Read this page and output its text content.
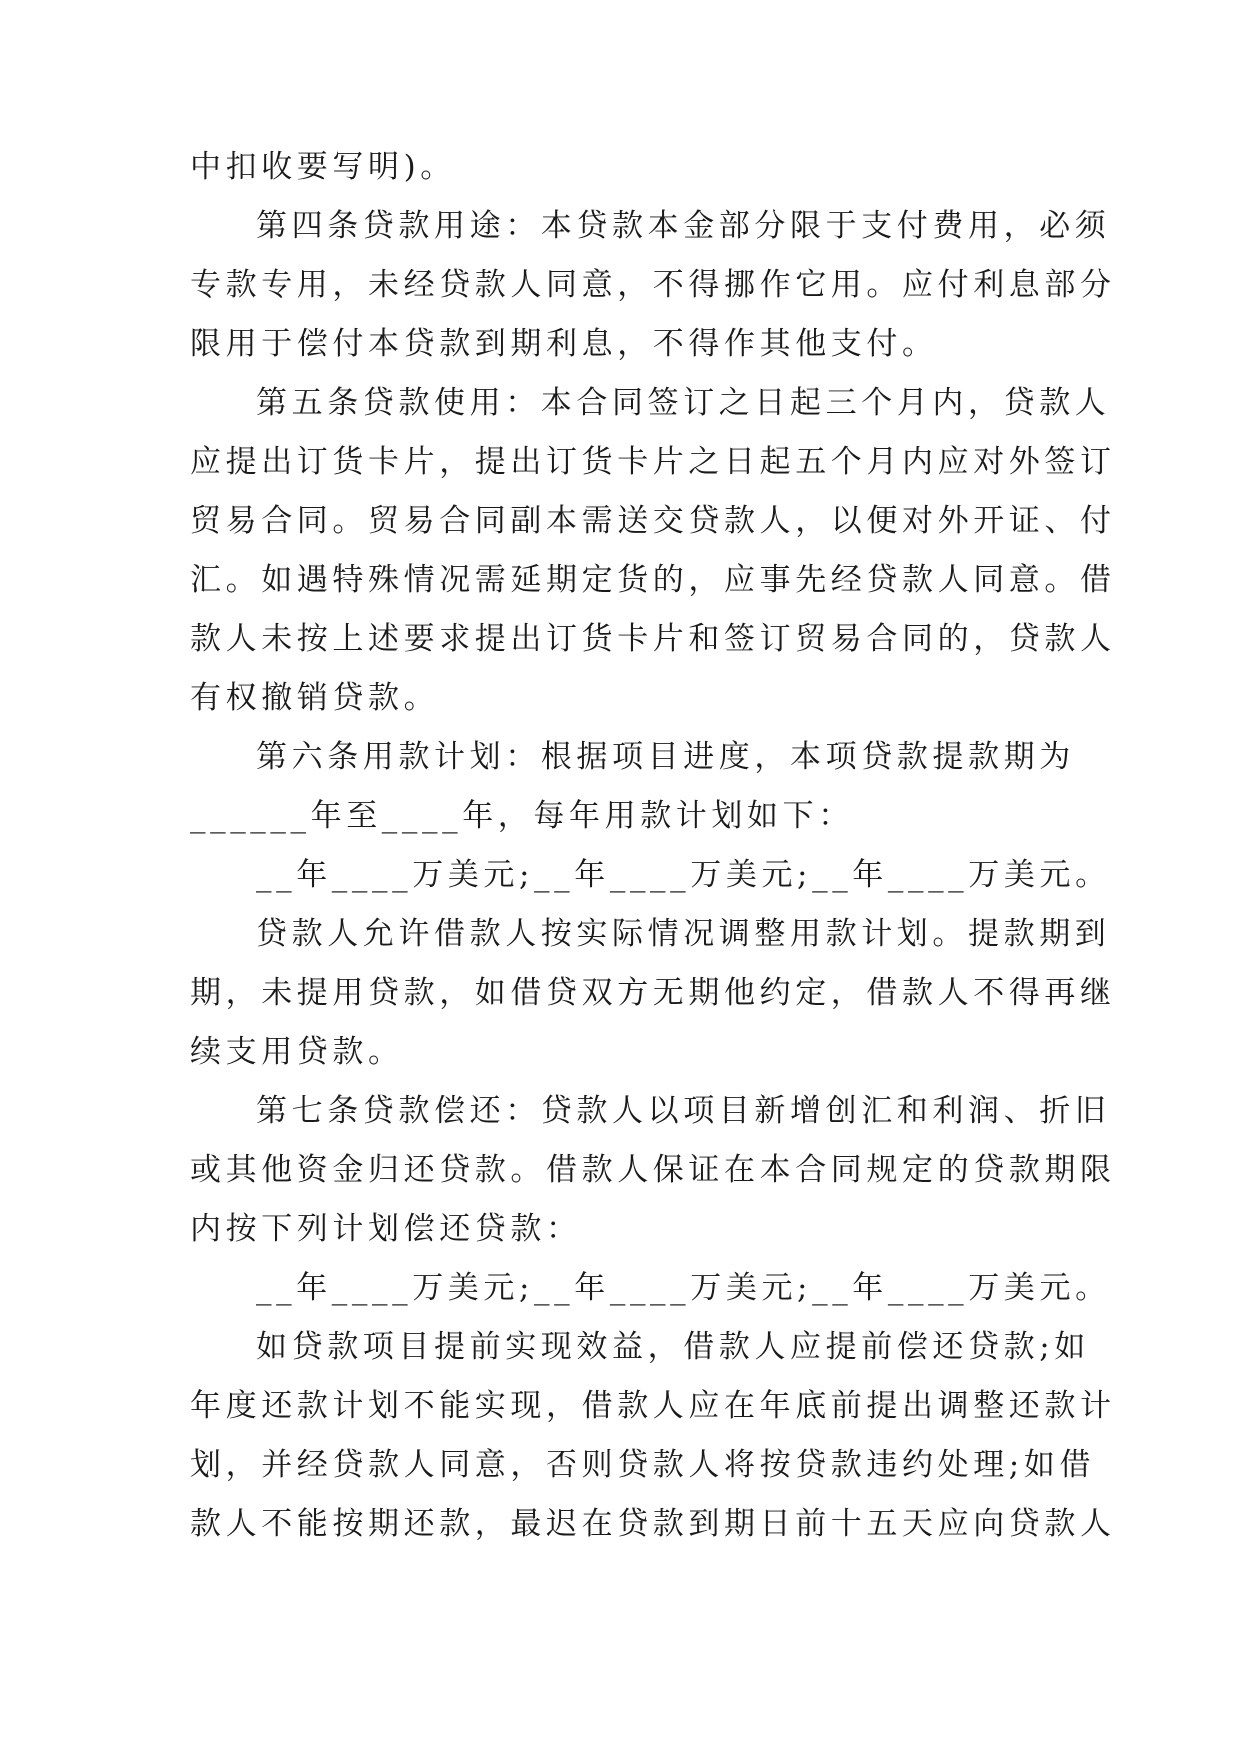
中扣收要写明)。

第四条贷款用途：本贷款本金部分限于支付费用，必须
专款专用，未经贷款人同意，不得挪作它用。应付利息部分
限用于偿付本贷款到期利息，不得作其他支付。

第五条贷款使用：本合同签订之日起三个月内，贷款人
应提出订货卡片，提出订货卡片之日起五个月内应对外签订
贸易合同。贸易合同副本需送交贷款人，以便对外开证、付
汇。如遇特殊情况需延期定货的，应事先经贷款人同意。借
款人未按上述要求提出订货卡片和签订贸易合同的，贷款人
有权撤销贷款。

第六条用款计划：根据项目进度，本项贷款提款期为
______年至____年，每年用款计划如下：

__年____万美元;__年____万美元;__年____万美元。

贷款人允许借款人按实际情况调整用款计划。提款期到
期，未提用贷款，如借贷双方无期他约定，借款人不得再继
续支用贷款。

第七条贷款偿还：贷款人以项目新增创汇和利润、折旧
或其他资金归还贷款。借款人保证在本合同规定的贷款期限
内按下列计划偿还贷款：

__年____万美元;__年____万美元;__年____万美元。

如贷款项目提前实现效益，借款人应提前偿还贷款;如
年度还款计划不能实现，借款人应在年底前提出调整还款计
划，并经贷款人同意，否则贷款人将按贷款违约处理;如借
款人不能按期还款，最迟在贷款到期日前十五天应向贷款人
